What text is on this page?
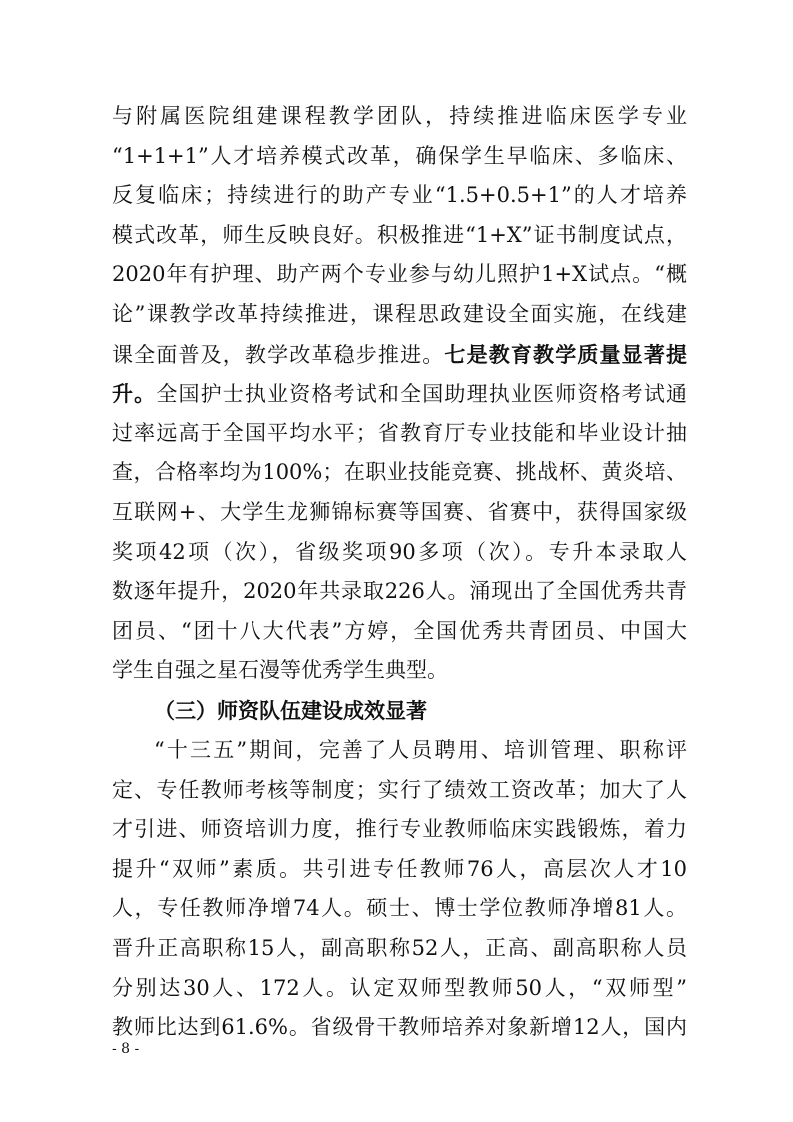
与附属医院组建课程教学团队，持续推进临床医学专业
“1+1+1”人才培养模式改革，确保学生早临床、多临床、
反复临床；持续进行的助产专业“1.5+0.5+1”的人才培养
模式改革，师生反映良好。积极推进“1+X”证书制度试点，
2020年有护理、助产两个专业参与幼儿照护1+X试点。“概
论”课教学改革持续推进，课程思政建设全面实施，在线建
课全面普及，教学改革稳步推进。七是教育教学质量显著提
升。全国护士执业资格考试和全国助理执业医师资格考试通
过率远高于全国平均水平；省教育厅专业技能和毕业设计抽
查，合格率均为100%；在职业技能竞赛、挑战杯、黄炎培、
互联网+、大学生龙狮锦标赛等国赛、省赛中，获得国家级
奖项42项（次），省级奖项90多项（次）。专升本录取人
数逐年提升，2020年共录取226人。涌现出了全国优秀共青
团员、“团十八大代表”方婷，全国优秀共青团员、中国大
学生自强之星石漫等优秀学生典型。
（三）师资队伍建设成效显著
“十三五”期间，完善了人员聘用、培训管理、职称评
定、专任教师考核等制度；实行了绩效工资改革；加大了人
才引进、师资培训力度，推行专业教师临床实践锻炼，着力
提升“双师”素质。共引进专任教师76人，高层次人才10
人，专任教师净增74人。硕士、博士学位教师净增81人。
晋升正高职称15人，副高职称52人，正高、副高职称人员
分别达30人、172人。认定双师型教师50人，“双师型”
教师比达到61.6%。省级骨干教师培养对象新增12人，国内
- 8 -
